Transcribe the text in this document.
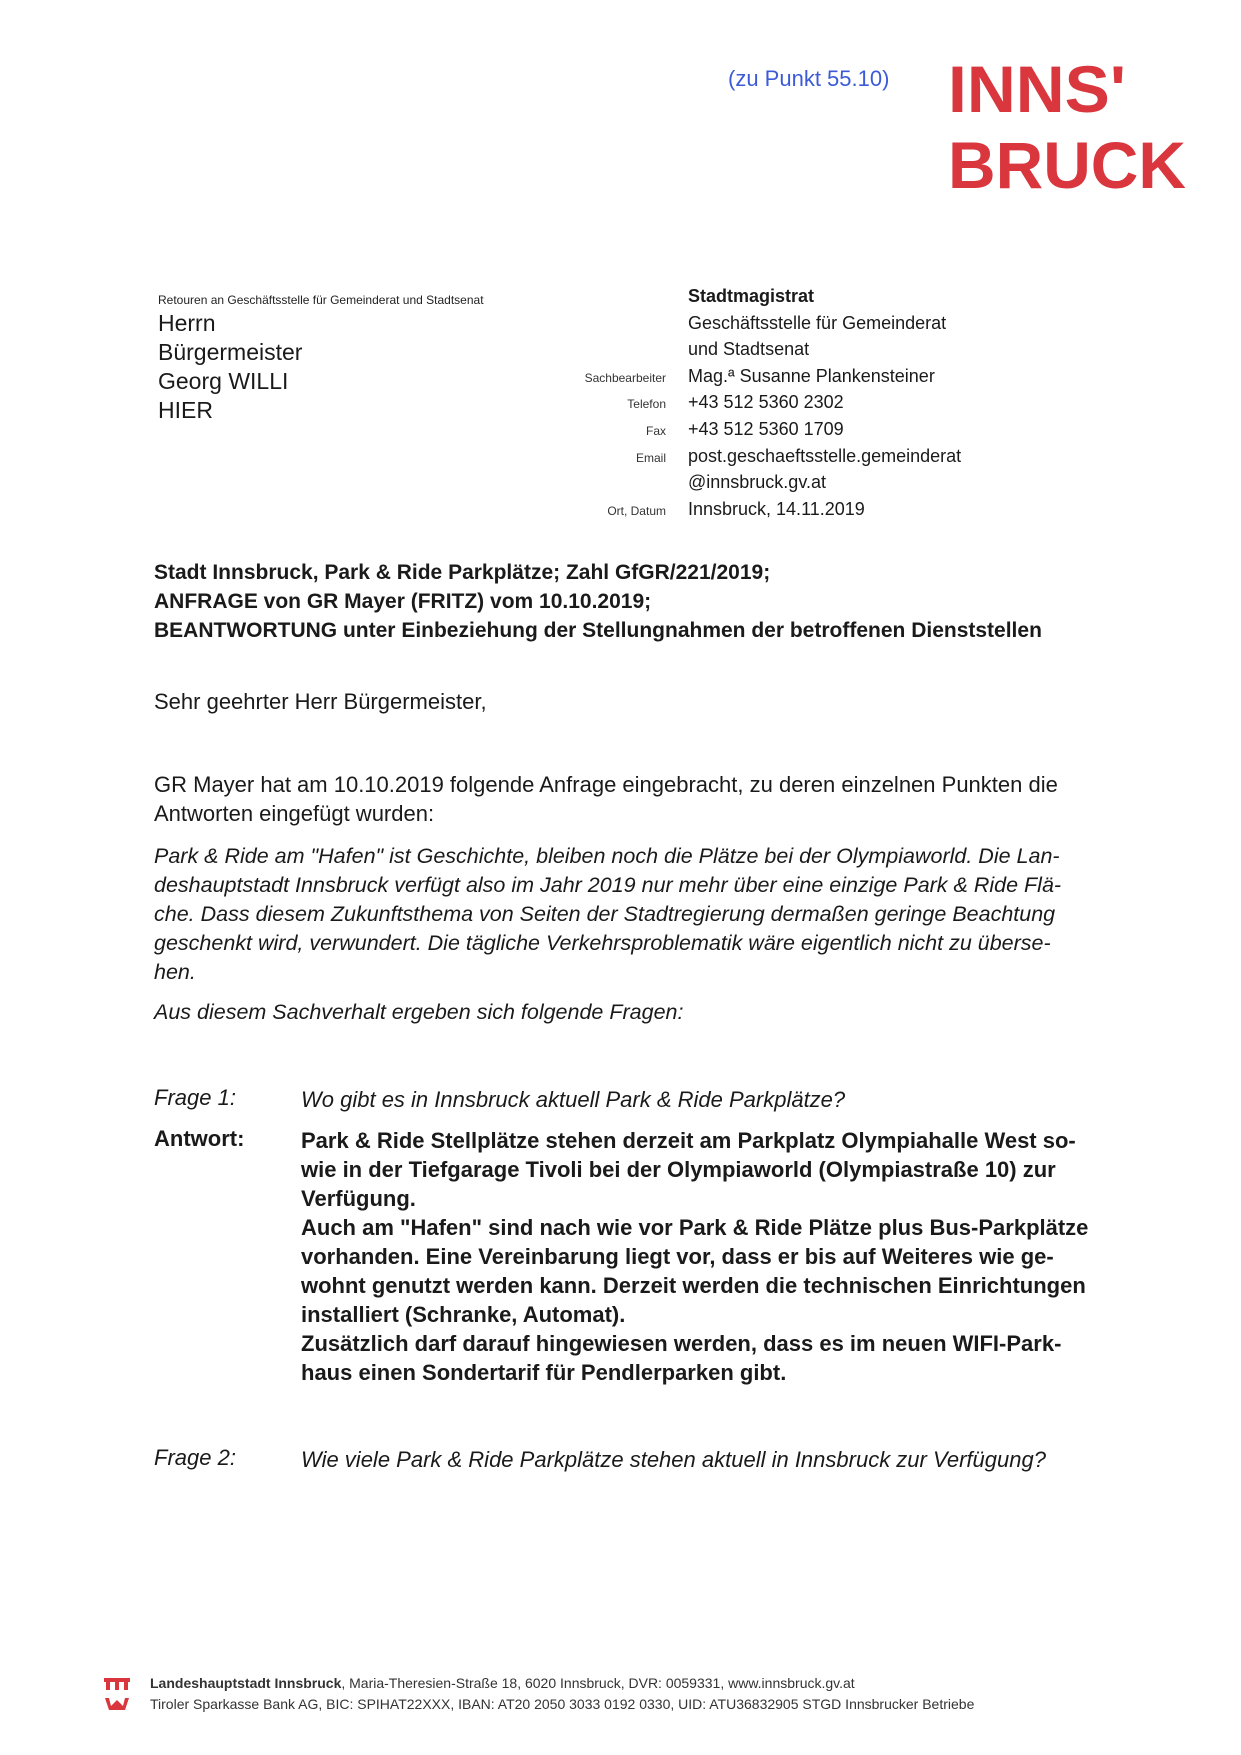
(zu Punkt 55.10) INNS'
BRUCK
Retouren an Geschäftsstelle für Gemeinderat und Stadtsenat
Herrn
Bürgermeister
Georg WILLI
HIER
Stadtmagistrat
Geschäftsstelle für Gemeinderat
und Stadtsenat
Sachbearbeiter	Mag.ª Susanne Plankensteiner
Telefon	+43 512 5360 2302
Fax	+43 512 5360 1709
Email	post.geschaeftsstelle.gemeinderat
@innsbruck.gv.at
Ort, Datum	Innsbruck, 14.11.2019
Stadt Innsbruck, Park & Ride Parkplätze; Zahl GfGR/221/2019;
ANFRAGE von GR Mayer (FRITZ) vom 10.10.2019;
BEANTWORTUNG unter Einbeziehung der Stellungnahmen der betroffenen Dienststellen
Sehr geehrter Herr Bürgermeister,
GR Mayer hat am 10.10.2019 folgende Anfrage eingebracht, zu deren einzelnen Punkten die Antworten eingefügt wurden:
Park & Ride am "Hafen" ist Geschichte, bleiben noch die Plätze bei der Olympiaworld. Die Lan-
deshauptstadt Innsbruck verfügt also im Jahr 2019 nur mehr über eine einzige Park & Ride Flä-
che. Dass diesem Zukunftsthema von Seiten der Stadtregierung dermaßen geringe Beachtung
geschenkt wird, verwundert. Die tägliche Verkehrsproblematik wäre eigentlich nicht zu überse-
hen.
Aus diesem Sachverhalt ergeben sich folgende Fragen:
Frage 1:	Wo gibt es in Innsbruck aktuell Park & Ride Parkplätze?
Antwort:	Park & Ride Stellplätze stehen derzeit am Parkplatz Olympiahalle West so-

wie in der Tiefgarage Tivoli bei der Olympiaworld (Olympiastraße 10) zur

Verfügung.

Auch am "Hafen" sind nach wie vor Park & Ride Plätze plus Bus-Parkplätze

vorhanden. Eine Vereinbarung liegt vor, dass er bis auf Weiteres wie ge-

wohnt genutzt werden kann. Derzeit werden die technischen Einrichtungen

installiert (Schranke, Automat).

Zusätzlich darf darauf hingewiesen werden, dass es im neuen WIFI-Park-

haus einen Sondertarif für Pendlerparken gibt.

Frage 2:	Wie viele Park & Ride Parkplätze stehen aktuell in Innsbruck zur Verfügung?
Landeshauptstadt Innsbruck, Maria-Theresien-Straße 18, 6020 Innsbruck, DVR: 0059331, www.innsbruck.gv.at
Tiroler Sparkasse Bank AG, BIC: SPIHAT22XXX, IBAN: AT20 2050 3033 0192 0330, UID: ATU36832905 STGD Innsbrucker Betriebe
